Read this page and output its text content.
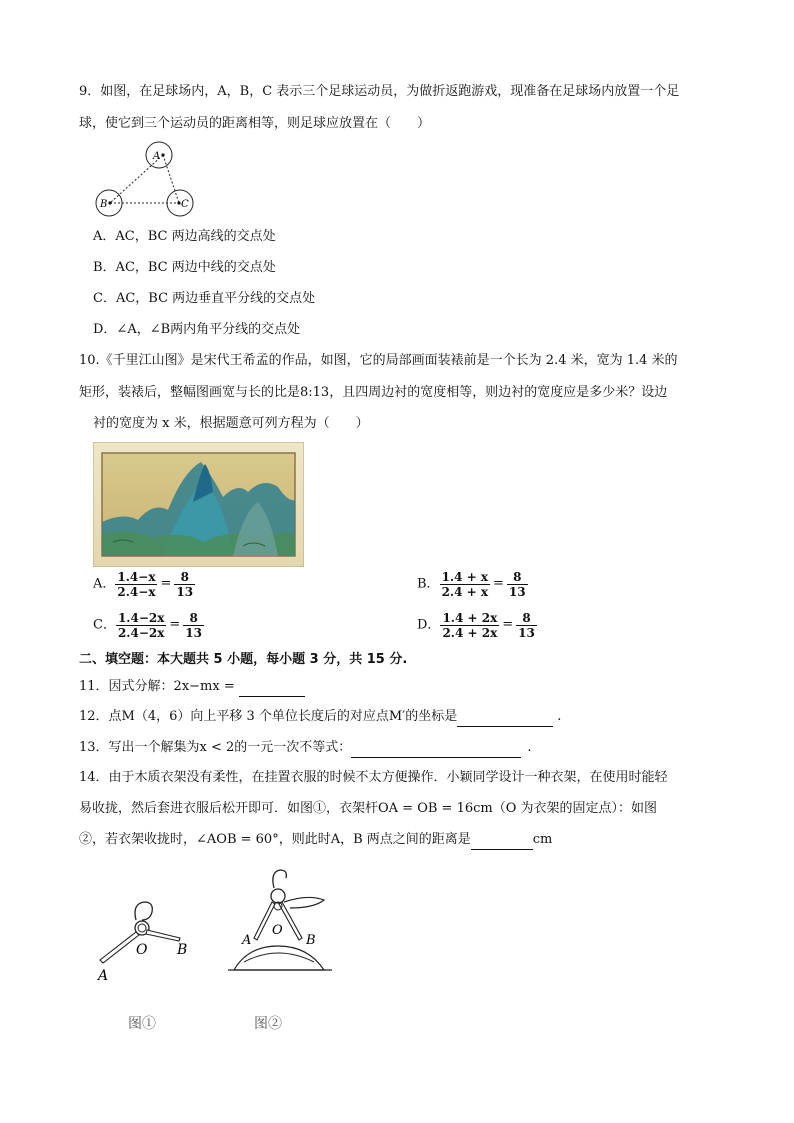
9．如图，在足球场内，A，B，C 表示三个足球运动员，为做折返跑游戏，现准备在足球场内放置一个足
球，使它到三个运动员的距离相等，则足球应放置在（　　）
A
B	C
A．AC，BC 两边高线的交点处
B．AC，BC 两边中线的交点处
C．AC，BC 两边垂直平分线的交点处
D．∠A，∠B两内角平分线的交点处
10.《千里江山图》是宋代王希孟的作品，如图，它的局部画面装裱前是一个长为 2.4 米，宽为 1.4 米的
矩形，装裱后，整幅图画宽与长的比是8:13，且四周边衬的宽度相等，则边衬的宽度应是多少米？设边
衬的宽度为 x 米，根据题意可列方程为（　　）
A． $\frac{1.4-x}{2.4-x} = \frac{8}{13}$	B． $\frac{1.4 + x}{2.4 + x} = \frac{8}{13}$
C． $\frac{1.4-2x}{2.4-2x} = \frac{8}{13}$	D． $\frac{1.4 + 2x}{2.4 + 2x} = \frac{8}{13}$
二、填空题：本大题共 5 小题，每小题 3 分，共 15 分.
11．因式分解：2x−mx =
12．点M（4，6）向上平移 3 个单位长度后的对应点M′的坐标是	.
13．写出一个解集为x < 2的一元一次不等式：	.
14．由于木质衣架没有柔性，在挂置衣服的时候不太方便操作．小颖同学设计一种衣架，在使用时能轻
易收拢，然后套进衣服后松开即可．如图①，衣架杆OA = OB = 16cm（O 为衣架的固定点）：如图
②，若衣架收拢时，∠AOB = 60°，则此时A，B 两点之间的距离是	cm
O B
A
图①
A
O
B
图②
